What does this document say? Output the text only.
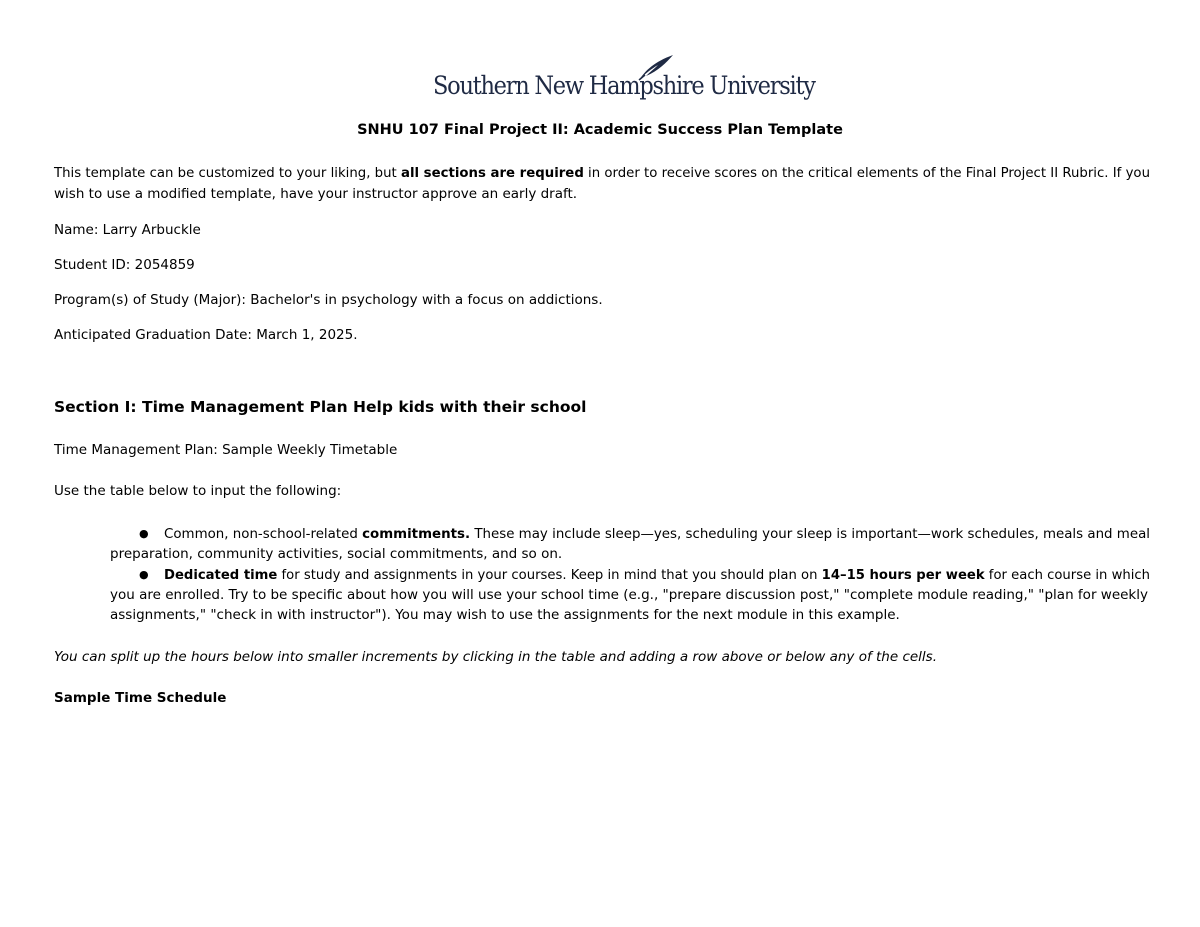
Southern New Hampshire University
SNHU 107 Final Project II: Academic Success Plan Template
This template can be customized to your liking, but all sections are required in order to receive scores on the critical elements of the Final Project II Rubric. If you
wish to use a modified template, have your instructor approve an early draft.
Name: Larry Arbuckle
Student ID: 2054859
Program(s) of Study (Major): Bachelor's in psychology with a focus on addictions.
Anticipated Graduation Date: March 1, 2025.
Section I: Time Management Plan Help kids with their school
Time Management Plan: Sample Weekly Timetable
Use the table below to input the following:
● Common, non-school-related commitments. These may include sleep—yes, scheduling your sleep is important—work schedules, meals and meal
preparation, community activities, social commitments, and so on.
● Dedicated time for study and assignments in your courses. Keep in mind that you should plan on 14–15 hours per week for each course in which
you are enrolled. Try to be specific about how you will use your school time (e.g., "prepare discussion post," "complete module reading," "plan for weekly
assignments," "check in with instructor"). You may wish to use the assignments for the next module in this example.
You can split up the hours below into smaller increments by clicking in the table and adding a row above or below any of the cells.
Sample Time Schedule
